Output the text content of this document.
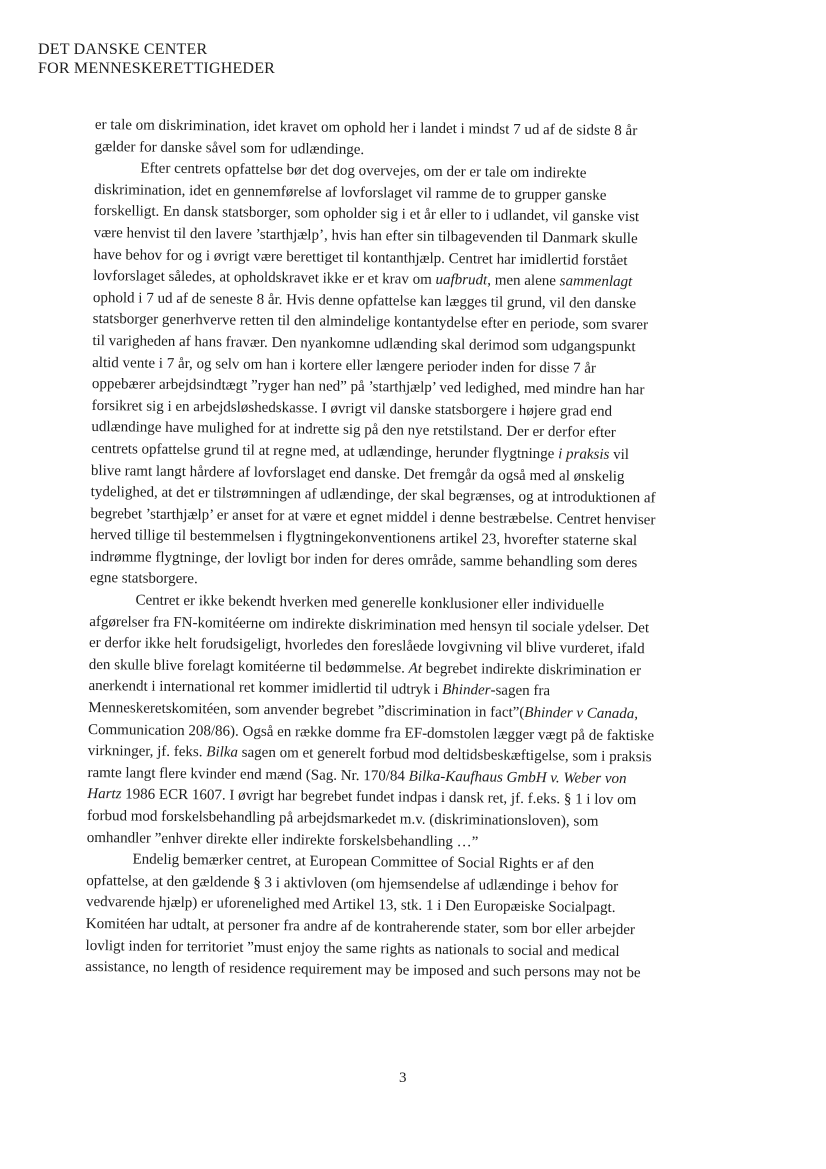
DET DANSKE CENTER
FOR MENNESKERETTIGHEDER
er tale om diskrimination, idet kravet om ophold her i landet i mindst 7 ud af de sidste 8 år
gælder for danske såvel som for udlændinge.
Efter centrets opfattelse bør det dog overvejes, om der er tale om indirekte
diskrimination, idet en gennemførelse af lovforslaget vil ramme de to grupper ganske
forskelligt. En dansk statsborger, som opholder sig i et år eller to i udlandet, vil ganske vist
være henvist til den lavere ’starthjælp’, hvis han efter sin tilbagevenden til Danmark skulle
have behov for og i øvrigt være berettiget til kontanthjælp. Centret har imidlertid forstået
lovforslaget således, at opholdskravet ikke er et krav om uafbrudt, men alene sammenlagt
ophold i 7 ud af de seneste 8 år. Hvis denne opfattelse kan lægges til grund, vil den danske
statsborger generhverve retten til den almindelige kontantydelse efter en periode, som svarer
til varigheden af hans fravær. Den nyankomne udlænding skal derimod som udgangspunkt
altid vente i 7 år, og selv om han i kortere eller længere perioder inden for disse 7 år
oppebærer arbejdsindtægt ”ryger han ned” på ’starthjælp’ ved ledighed, med mindre han har
forsikret sig i en arbejdsløshedskasse. I øvrigt vil danske statsborgere i højere grad end
udlændinge have mulighed for at indrette sig på den nye retstilstand. Der er derfor efter
centrets opfattelse grund til at regne med, at udlændinge, herunder flygtninge i praksis vil
blive ramt langt hårdere af lovforslaget end danske. Det fremgår da også med al ønskelig
tydelighed, at det er tilstrømningen af udlændinge, der skal begrænses, og at introduktionen af
begrebet ’starthjælp’ er anset for at være et egnet middel i denne bestræbelse. Centret henviser
herved tillige til bestemmelsen i flygtningekonventionens artikel 23, hvorefter staterne skal
indrømme flygtninge, der lovligt bor inden for deres område, samme behandling som deres
egne statsborgere.
Centret er ikke bekendt hverken med generelle konklusioner eller individuelle
afgørelser fra FN-komitéerne om indirekte diskrimination med hensyn til sociale ydelser. Det
er derfor ikke helt forudsigeligt, hvorledes den foreslåede lovgivning vil blive vurderet, ifald
den skulle blive forelagt komitéerne til bedømmelse. At begrebet indirekte diskrimination er
anerkendt i international ret kommer imidlertid til udtryk i Bhinder-sagen fra
Menneskeretskomitéen, som anvender begrebet ”discrimination in fact”(Bhinder v Canada,
Communication 208/86). Også en række domme fra EF-domstolen lægger vægt på de faktiske
virkninger, jf. feks. Bilka sagen om et generelt forbud mod deltidsbeskæftigelse, som i praksis
ramte langt flere kvinder end mænd (Sag. Nr. 170/84 Bilka-Kaufhaus GmbH v. Weber von
Hartz 1986 ECR 1607. I øvrigt har begrebet fundet indpas i dansk ret, jf. f.eks. § 1 i lov om
forbud mod forskelsbehandling på arbejdsmarkedet m.v. (diskriminationsloven), som
omhandler ”enhver direkte eller indirekte forskelsbehandling …”
Endelig bemærker centret, at European Committee of Social Rights er af den
opfattelse, at den gældende § 3 i aktivloven (om hjemsendelse af udlændinge i behov for
vedvarende hjælp) er uforenelighed med Artikel 13, stk. 1 i Den Europæiske Socialpagt.
Komitéen har udtalt, at personer fra andre af de kontraherende stater, som bor eller arbejder
lovligt inden for territoriet ”must enjoy the same rights as nationals to social and medical
assistance, no length of residence requirement may be imposed and such persons may not be
3
